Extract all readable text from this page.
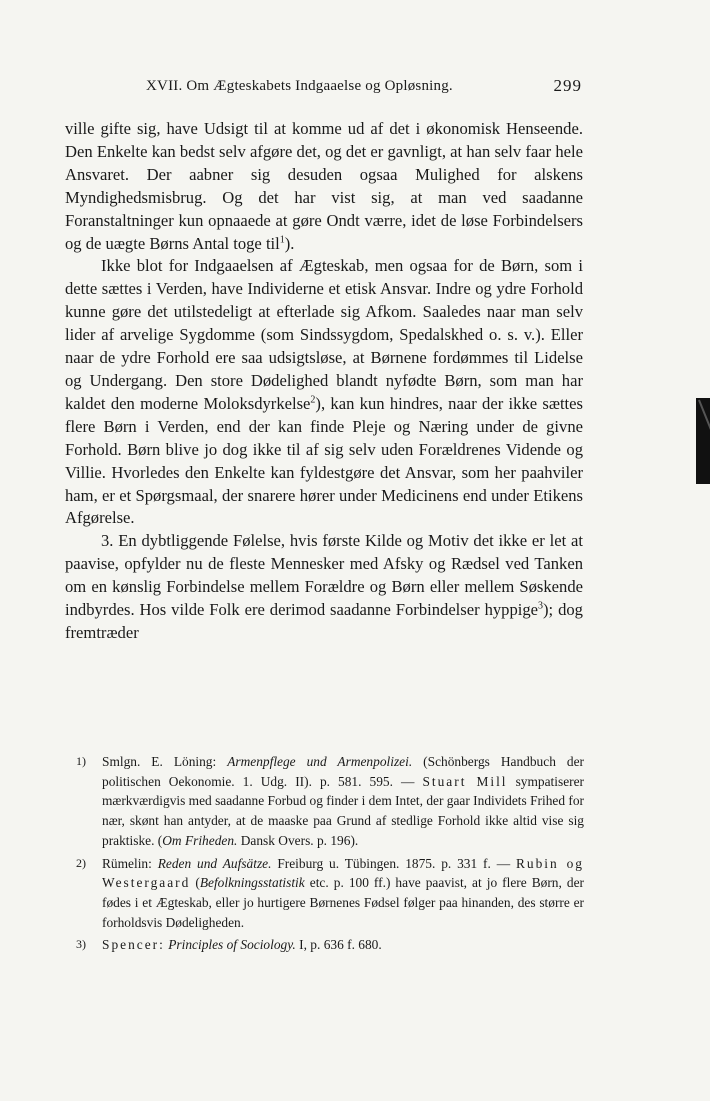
XVII. Om Ægteskabets Indgaaelse og Opløsning.	299

ville gifte sig, have Udsigt til at komme ud af det i økonomisk Henseende. Den Enkelte kan bedst selv afgøre det, og det er gavnligt, at han selv faar hele Ansvaret. Der aabner sig desuden ogsaa Mulighed for alskens Myndighedsmisbrug. Og det har vist sig, at man ved saadanne Foranstaltninger kun opnaaede at gøre Ondt værre, idet de løse Forbindelsers og de uægte Børns Antal toge til$^1$).

Ikke blot for Indgaaelsen af Ægteskab, men ogsaa for de Børn, som i dette sættes i Verden, have Individerne et etisk Ansvar. Indre og ydre Forhold kunne gøre det utilstedeligt at efterlade sig Afkom. Saaledes naar man selv lider af arvelige Sygdomme (som Sindssygdom, Spedalskhed o. s. v.). Eller naar de ydre Forhold ere saa udsigtsløse, at Børnene fordømmes til Lidelse og Undergang. Den store Dødelighed blandt nyfødte Børn, som man har kaldet den moderne Moloksdyrkelse$^2$), kan kun hindres, naar der ikke sættes flere Børn i Verden, end der kan finde Pleje og Næring under de givne Forhold. Børn blive jo dog ikke til af sig selv uden Forældrenes Vidende og Villie. Hvorledes den Enkelte kan fyldestgøre det Ansvar, som her paahviler ham, er et Spørgsmaal, der snarere hører under Medicinens end under Etikens Afgørelse.

3. En dybtliggende Følelse, hvis første Kilde og Motiv det ikke er let at paavise, opfylder nu de fleste Mennesker med Afsky og Rædsel ved Tanken om en kønslig Forbindelse mellem Forældre og Børn eller mellem Søskende indbyrdes. Hos vilde Folk ere derimod saadanne Forbindelser hyppige$^3$); dog fremtræder

1) Smlgn. E. Löning: Armenpflege und Armenpolizei. (Schönbergs Handbuch der politischen Oekonomie. 1. Udg. II). p. 581. 595. — Stuart Mill sympatiserer mærkværdigvis med saadanne Forbud og finder i dem Intet, der gaar Individets Frihed for nær, skønt han antyder, at de maaske paa Grund af stedlige Forhold ikke altid vise sig praktiske. (Om Friheden. Dansk Overs. p. 196).
2) Rümelin: Reden und Aufsätze. Freiburg u. Tübingen. 1875. p. 331 f. — Rubin og Westergaard (Befolkningsstatistik etc. p. 100 ff.) have paavist, at jo flere Børn, der fødes i et Ægteskab, eller jo hurtigere Børnenes Fødsel følger paa hinanden, des større er forholdsvis Dødeligheden.
3) Spencer: Principles of Sociology. I, p. 636 f. 680.
